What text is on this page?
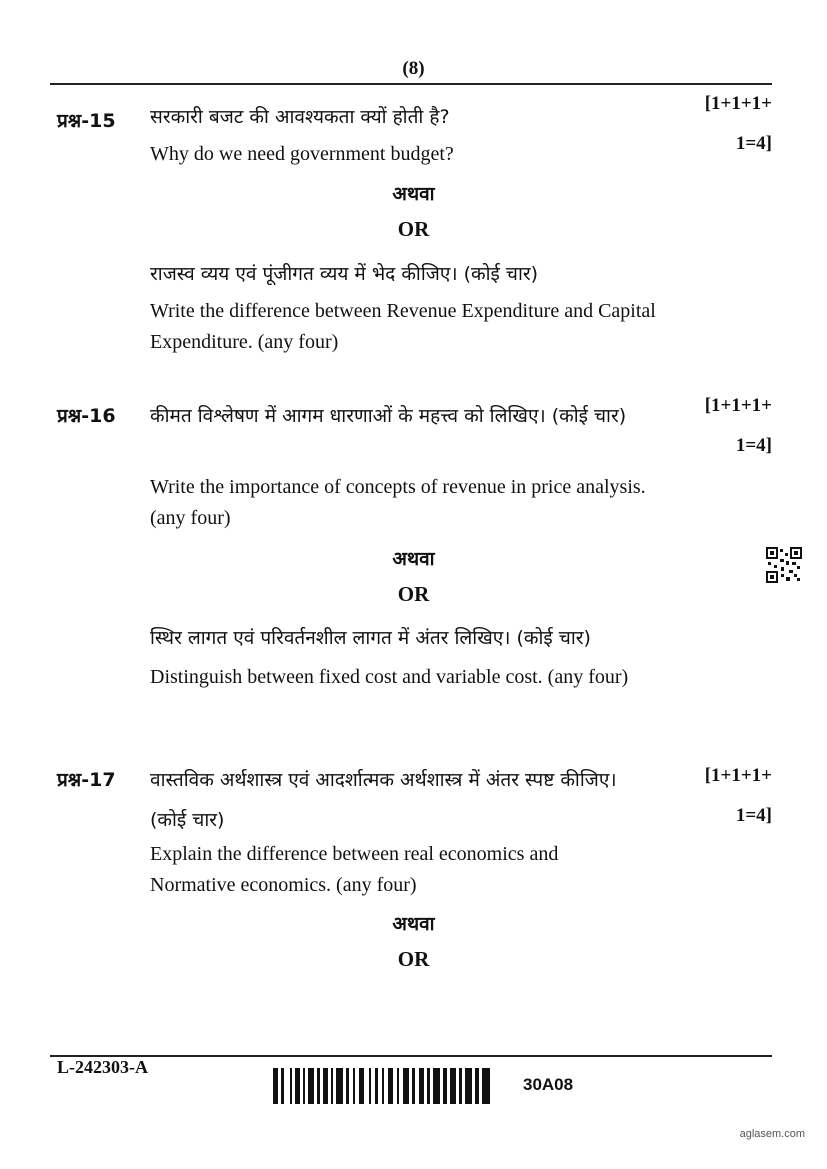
(8)
प्रश्न-15 सरकारी बजट की आवश्यकता क्यों होती है?
Why do we need government budget?
[1+1+1+
1=4]
अथवा
OR
राजस्व व्यय एवं पूंजीगत व्यय में भेद कीजिए। (कोई चार)
Write the difference between Revenue Expenditure and Capital Expenditure. (any four)
प्रश्न-16 कीमत विश्लेषण में आगम धारणाओं के महत्त्व को लिखिए। (कोई चार)
Write the importance of concepts of revenue in price analysis. (any four)
[1+1+1+
1=4]
अथवा
OR
स्थिर लागत एवं परिवर्तनशील लागत में अंतर लिखिए। (कोई चार)
Distinguish between fixed cost and variable cost. (any four)
प्रश्न-17 वास्तविक अर्थशास्त्र एवं आदर्शात्मक अर्थशास्त्र में अंतर स्पष्ट कीजिए। (कोई चार)
Explain the difference between real economics and Normative economics. (any four)
[1+1+1+
1=4]
अथवा
OR
L-242303-A
30A08
aglasem.com
